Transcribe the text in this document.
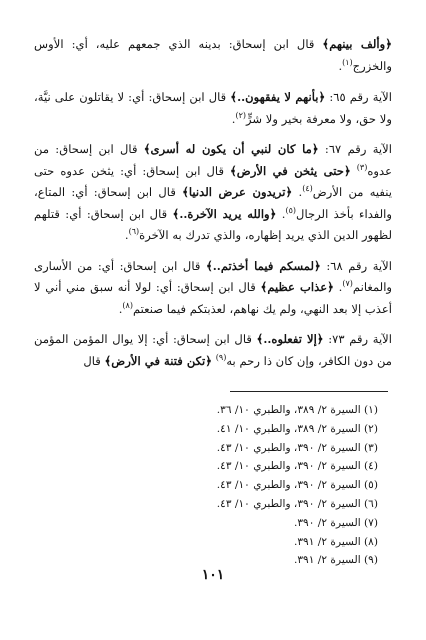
﴿وألف بينهم﴾ قال ابن إسحاق: بدينه الذي جمعهم عليه، أي: الأوس والخزرج$^{(١)}$.

الآية رقم ٦٥: ﴿بأنهم لا يفقهون..﴾ قال ابن إسحاق: أي: لا يقاتلون على نيَّة، ولا حق، ولا معرفة بخير ولا شرٍّ$^{(٢)}$.

الآية رقم ٦٧: ﴿ما كان لنبي أن يكون له أسرى﴾ قال ابن إسحاق: من عدوه$^{(٣)}$ ﴿حتى يثخن في الأرض﴾ قال ابن إسحاق: أي: يثخن عدوه حتى ينفيه من الأرض$^{(٤)}$. ﴿تريدون عرض الدنيا﴾ قال ابن إسحاق: أي: المتاع، والفداء بأخذ الرجال$^{(٥)}$. ﴿والله يريد الآخرة..﴾ قال ابن إسحاق: أي: قتلهم لظهور الدين الذي يريد إظهاره، والذي تدرك به الآخرة$^{(٦)}$.

الآية رقم ٦٨: ﴿لمسكم فيما أخذتم..﴾ قال ابن إسحاق: أي: من الأسارى والمغانم$^{(٧)}$. ﴿عذاب عظيم﴾ قال ابن إسحاق: أي: لولا أنه سبق مني أني لا أعذب إلا بعد النهي، ولم يك نهاهم، لعذبتكم فيما صنعتم$^{(٨)}$.

الآية رقم ٧٣: ﴿إلا تفعلوه..﴾ قال ابن إسحاق: أي: إلا يوال المؤمن المؤمن من دون الكافر، وإن كان ذا رحم به$^{(٩)}$ ﴿تكن فتنة في الأرض﴾ قال

(١) السيرة ٢/ ٣٨٩، والطبري ١٠/ ٣٦.
(٢) السيرة ٢/ ٣٨٩، والطبري ١٠/ ٤١.
(٣) السيرة ٢/ ٣٩٠، والطبري ١٠/ ٤٣.
(٤) السيرة ٢/ ٣٩٠، والطبري ١٠/ ٤٣.
(٥) السيرة ٢/ ٣٩٠، والطبري ١٠/ ٤٣.
(٦) السيرة ٢/ ٣٩٠، والطبري ١٠/ ٤٣.
(٧) السيرة ٢/ ٣٩٠.
(٨) السيرة ٢/ ٣٩١.
(٩) السيرة ٢/ ٣٩١.
١٠١
